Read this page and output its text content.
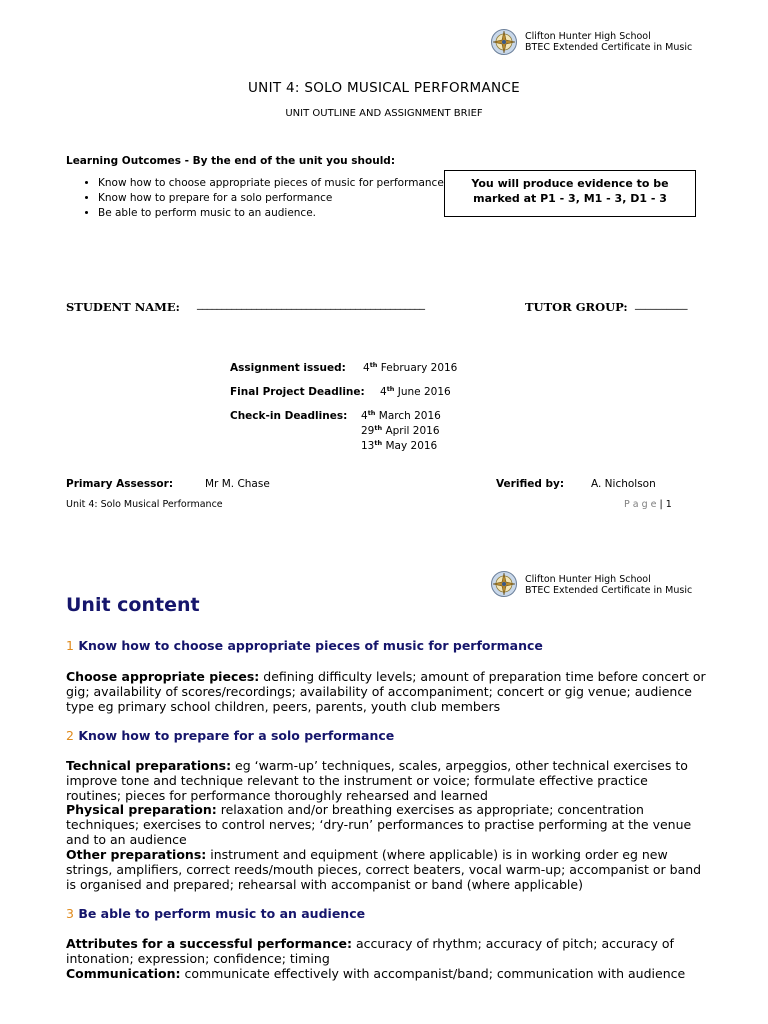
Clifton Hunter High School
BTEC Extended Certificate in Music
UNIT 4: SOLO MUSICAL PERFORMANCE
UNIT OUTLINE AND ASSIGNMENT BRIEF
Learning Outcomes - By the end of the unit you should:
• Know how to choose appropriate pieces of music for performance
• Know how to prepare for a solo performance
• Be able to perform music to an audience.
You will produce evidence to be
marked at P1 - 3, M1 - 3, D1 - 3
STUDENT NAME: ______________________________________________	TUTOR GROUP: __________
Assignment issued: 4th February 2016
Final Project Deadline: 4th June 2016
Check-in Deadlines: 4th March 2016
29th April 2016
13th May 2016
Primary Assessor:	Mr M. Chase	Verified by:	A. Nicholson
Unit 4: Solo Musical Performance	P a g e | 1
Clifton Hunter High School
BTEC Extended Certificate in Music
Unit content
1 Know how to choose appropriate pieces of music for performance
Choose appropriate pieces: defining difficulty levels; amount of preparation time before concert or gig; availability of scores/recordings; availability of accompaniment; concert or gig venue; audience type eg primary school children, peers, parents, youth club members
2 Know how to prepare for a solo performance
Technical preparations: eg ‘warm-up’ techniques, scales, arpeggios, other technical exercises to improve tone and technique relevant to the instrument or voice; formulate effective practice routines; pieces for performance thoroughly rehearsed and learned
Physical preparation: relaxation and/or breathing exercises as appropriate; concentration techniques; exercises to control nerves; ‘dry-run’ performances to practise performing at the venue and to an audience
Other preparations: instrument and equipment (where applicable) is in working order eg new strings, amplifiers, correct reeds/mouth pieces, correct beaters, vocal warm-up; accompanist or band is organised and prepared; rehearsal with accompanist or band (where applicable)
3 Be able to perform music to an audience
Attributes for a successful performance: accuracy of rhythm; accuracy of pitch; accuracy of intonation; expression; confidence; timing
Communication: communicate effectively with accompanist/band; communication with audience
